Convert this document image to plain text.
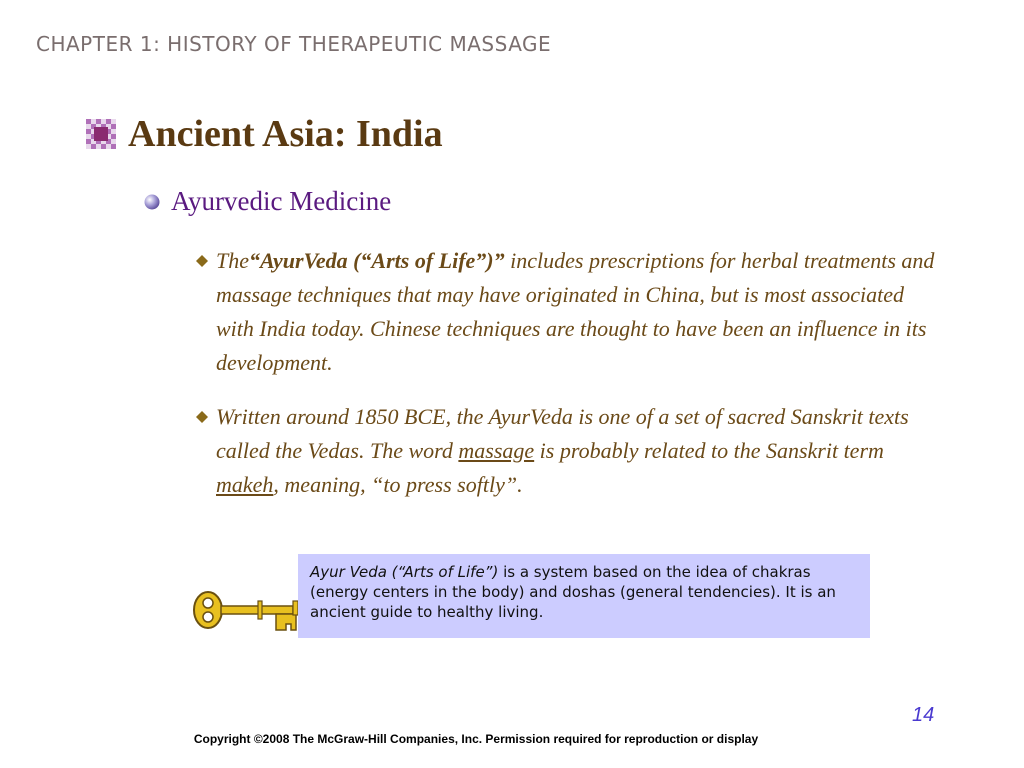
CHAPTER 1: HISTORY OF THERAPEUTIC MASSAGE
Ancient Asia: India
Ayurvedic Medicine
The“AyurVeda (“Arts of Life”)” includes prescriptions for herbal treatments and massage techniques that may have originated in China, but is most associated with India today. Chinese techniques are thought to have been an influence in its development.
Written around 1850 BCE, the AyurVeda is one of a set of sacred Sanskrit texts called the Vedas. The word massage is probably related to the Sanskrit term makeh, meaning, “to press softly”.
Ayur Veda (“Arts of Life”) is a system based on the idea of chakras (energy centers in the body) and doshas (general tendencies). It is an ancient guide to healthy living.
14
Copyright ©2008 The McGraw-Hill Companies, Inc. Permission required for reproduction or display
